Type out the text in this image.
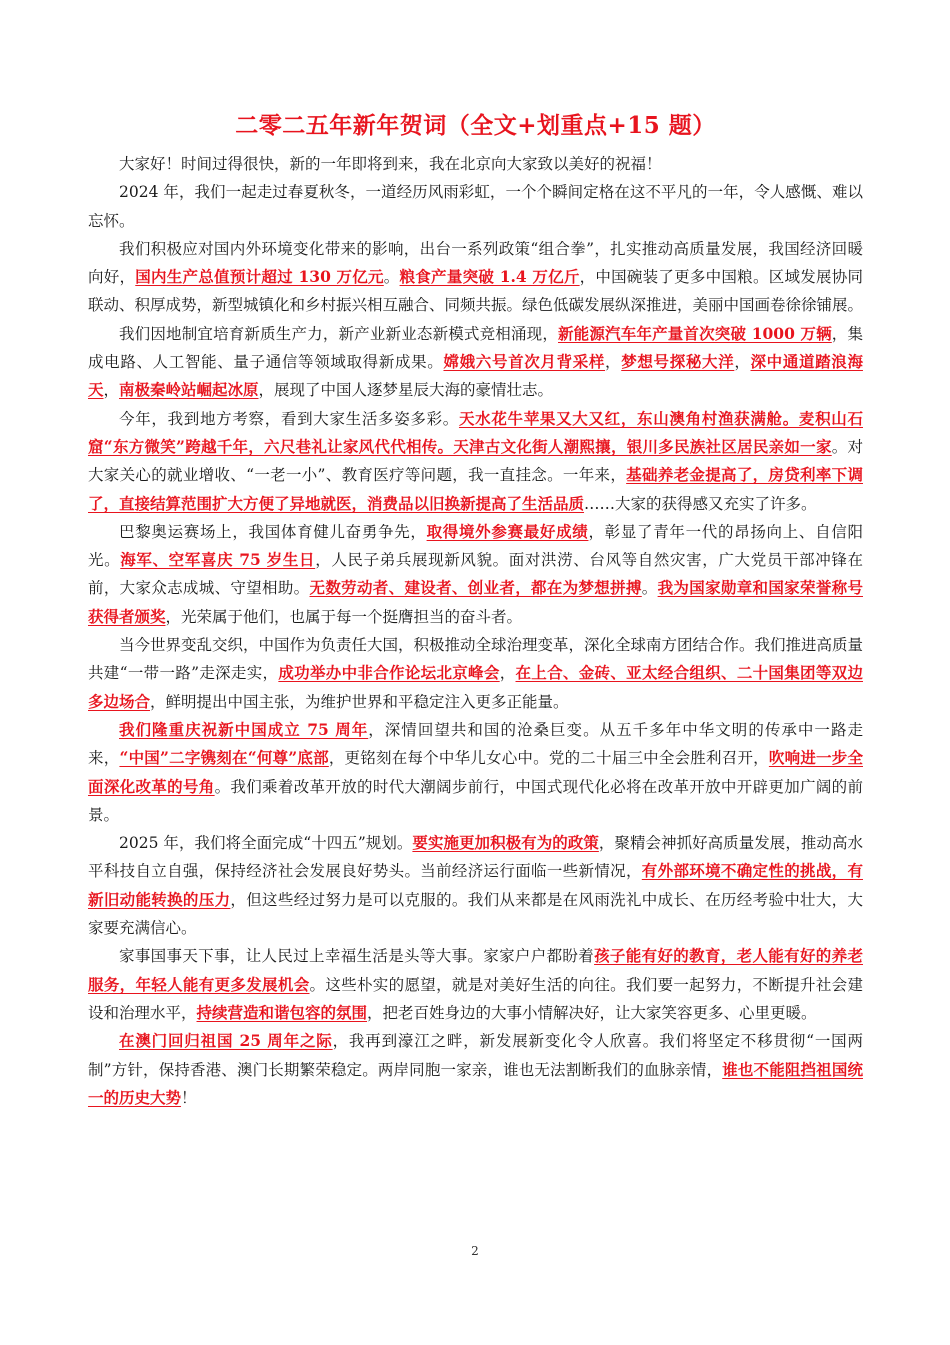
二零二五年新年贺词（全文+划重点+15 题）

大家好！时间过得很快，新的一年即将到来，我在北京向大家致以美好的祝福！

2024 年，我们一起走过春夏秋冬，一道经历风雨彩虹，一个个瞬间定格在这不平凡的一年，令人感慨、难以忘怀。

我们积极应对国内外环境变化带来的影响，出台一系列政策“组合拳”，扎实推动高质量发展，我国经济回暖向好，国内生产总值预计超过 130 万亿元。粮食产量突破 1.4 万亿斤，中国碗装了更多中国粮。区域发展协同联动、积厚成势，新型城镇化和乡村振兴相互融合、同频共振。绿色低碳发展纵深推进，美丽中国画卷徐徐铺展。

我们因地制宜培育新质生产力，新产业新业态新模式竞相涌现，新能源汽车年产量首次突破 1000 万辆，集成电路、人工智能、量子通信等领域取得新成果。嫦娥六号首次月背采样，梦想号探秘大洋，深中通道踏浪海天，南极秦岭站崛起冰原，展现了中国人逐梦星辰大海的豪情壮志。

今年，我到地方考察，看到大家生活多姿多彩。天水花牛苹果又大又红，东山澳角村渔获满舱。麦积山石窟“东方微笑”跨越千年，六尺巷礼让家风代代相传。天津古文化街人潮熙攘，银川多民族社区居民亲如一家。对大家关心的就业增收、“一老一小”、教育医疗等问题，我一直挂念。一年来，基础养老金提高了，房贷利率下调了，直接结算范围扩大方便了异地就医，消费品以旧换新提高了生活品质……大家的获得感又充实了许多。

巴黎奥运赛场上，我国体育健儿奋勇争先，取得境外参赛最好成绩，彰显了青年一代的昂扬向上、自信阳光。海军、空军喜庆 75 岁生日，人民子弟兵展现新风貌。面对洪涝、台风等自然灾害，广大党员干部冲锋在前，大家众志成城、守望相助。无数劳动者、建设者、创业者，都在为梦想拼搏。我为国家勋章和国家荣誉称号获得者颁奖，光荣属于他们，也属于每一个挺膺担当的奋斗者。

当今世界变乱交织，中国作为负责任大国，积极推动全球治理变革，深化全球南方团结合作。我们推进高质量共建“一带一路”走深走实，成功举办中非合作论坛北京峰会，在上合、金砖、亚太经合组织、二十国集团等双边多边场合，鲜明提出中国主张，为维护世界和平稳定注入更多正能量。

我们隆重庆祝新中国成立 75 周年，深情回望共和国的沧桑巨变。从五千多年中华文明的传承中一路走来，“中国”二字镌刻在“何尊”底部，更铭刻在每个中华儿女心中。党的二十届三中全会胜利召开，吹响进一步全面深化改革的号角。我们乘着改革开放的时代大潮阔步前行，中国式现代化必将在改革开放中开辟更加广阔的前景。

2025 年，我们将全面完成“十四五”规划。要实施更加积极有为的政策，聚精会神抓好高质量发展，推动高水平科技自立自强，保持经济社会发展良好势头。当前经济运行面临一些新情况，有外部环境不确定性的挑战，有新旧动能转换的压力，但这些经过努力是可以克服的。我们从来都是在风雨洗礼中成长、在历经考验中壮大，大家要充满信心。

家事国事天下事，让人民过上幸福生活是头等大事。家家户户都盼着孩子能有好的教育，老人能有好的养老服务，年轻人能有更多发展机会。这些朴实的愿望，就是对美好生活的向往。我们要一起努力，不断提升社会建设和治理水平，持续营造和谐包容的氛围，把老百姓身边的大事小情解决好，让大家笑容更多、心里更暖。

在澳门回归祖国 25 周年之际，我再到濠江之畔，新发展新变化令人欣喜。我们将坚定不移贯彻“一国两制”方针，保持香港、澳门长期繁荣稳定。两岸同胞一家亲，谁也无法割断我们的血脉亲情，谁也不能阻挡祖国统一的历史大势！

2
